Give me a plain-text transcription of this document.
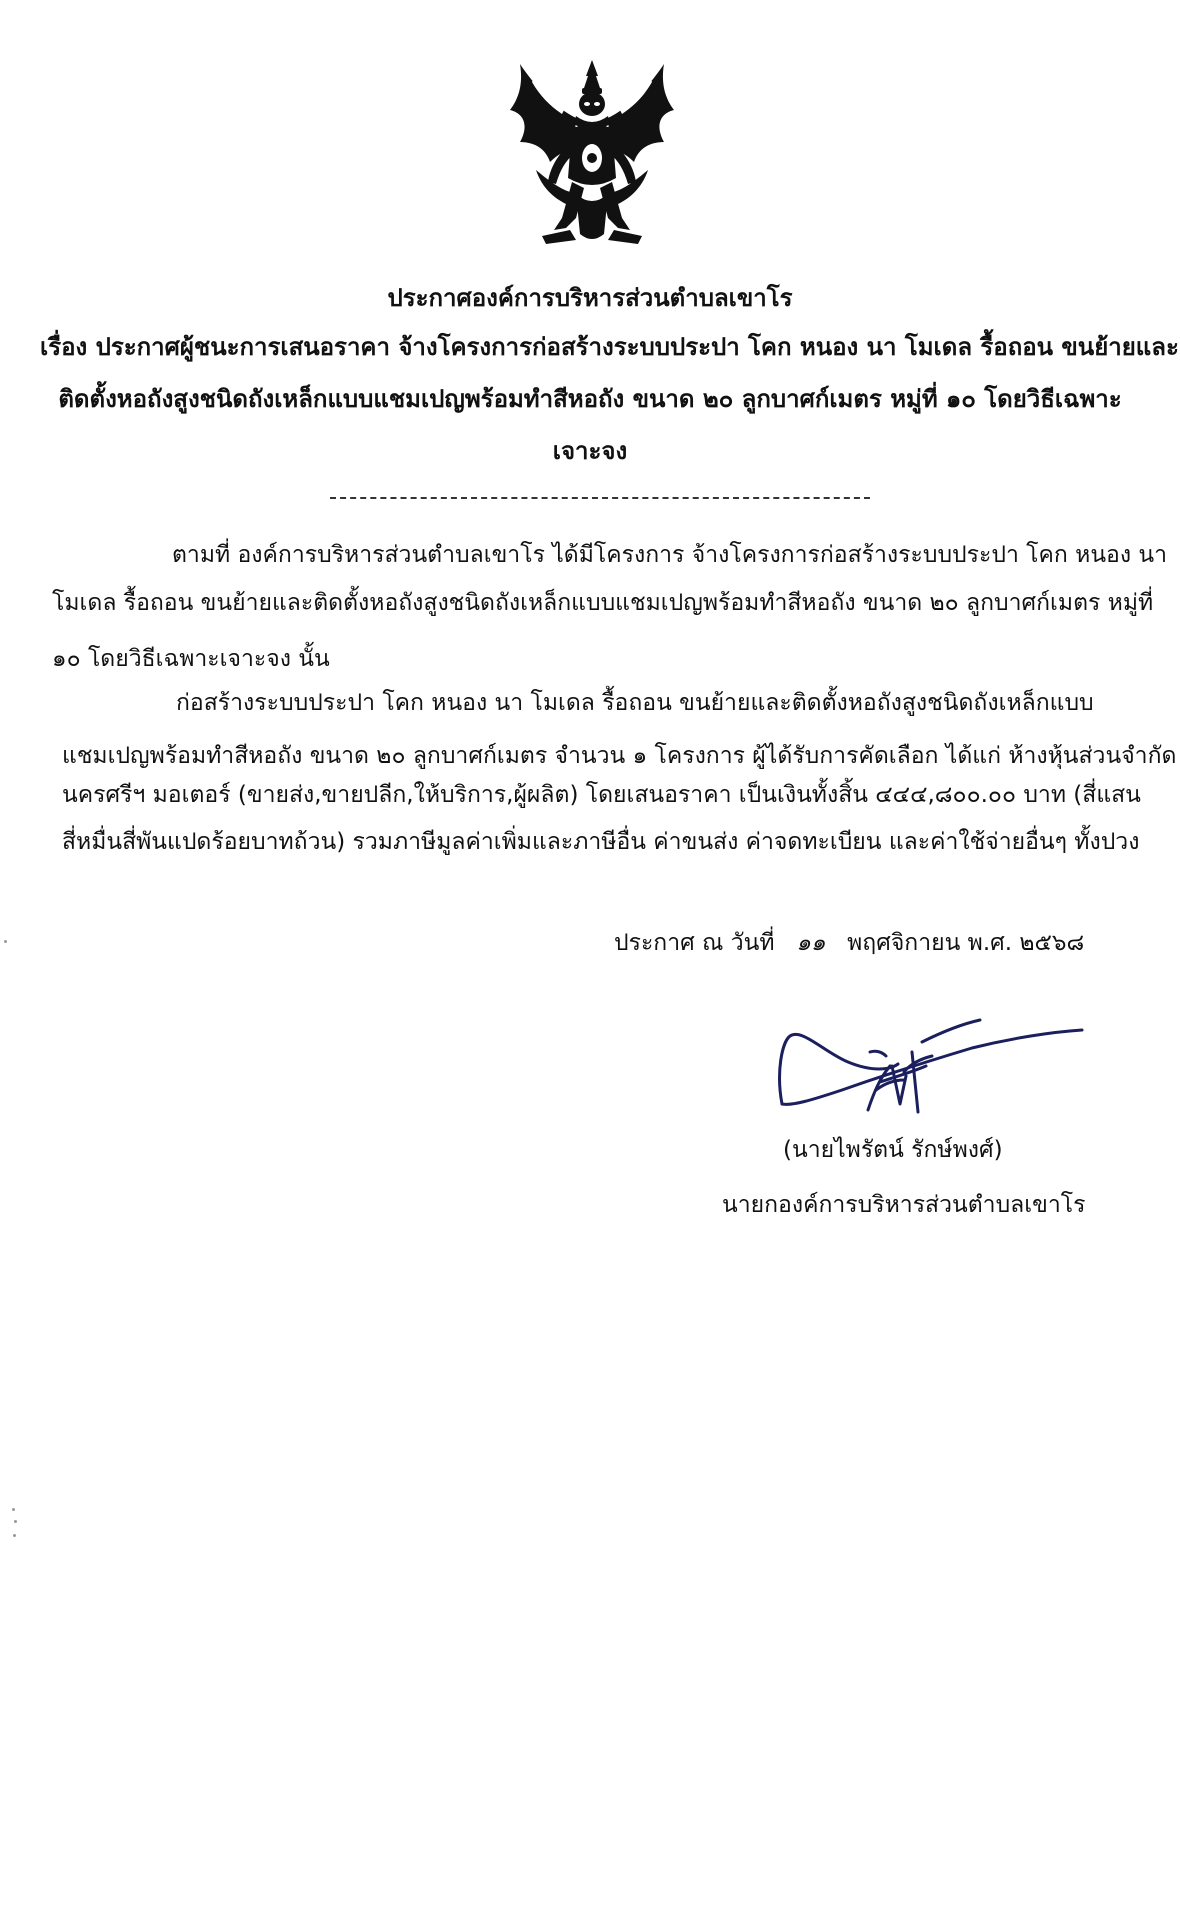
ประกาศองค์การบริหารส่วนตำบลเขาโร
เรื่อง ประกาศผู้ชนะการเสนอราคา จ้างโครงการก่อสร้างระบบประปา โคก หนอง นา โมเดล รื้อถอน ขนย้ายและ
ติดตั้งหอถังสูงชนิดถังเหล็กแบบแชมเปญพร้อมทำสีหอถัง ขนาด ๒๐ ลูกบาศก์เมตร หมู่ที่ ๑๐ โดยวิธีเฉพาะ
เจาะจง
ตามที่ องค์การบริหารส่วนตำบลเขาโร ได้มีโครงการ จ้างโครงการก่อสร้างระบบประปา โคก หนอง นา
โมเดล รื้อถอน ขนย้ายและติดตั้งหอถังสูงชนิดถังเหล็กแบบแชมเปญพร้อมทำสีหอถัง ขนาด ๒๐ ลูกบาศก์เมตร หมู่ที่
๑๐ โดยวิธีเฉพาะเจาะจง นั้น
ก่อสร้างระบบประปา โคก หนอง นา โมเดล รื้อถอน ขนย้ายและติดตั้งหอถังสูงชนิดถังเหล็กแบบ
แชมเปญพร้อมทำสีหอถัง ขนาด ๒๐ ลูกบาศก์เมตร จำนวน ๑ โครงการ ผู้ได้รับการคัดเลือก ได้แก่ ห้างหุ้นส่วนจำกัด
นครศรีฯ มอเตอร์ (ขายส่ง,ขายปลีก,ให้บริการ,ผู้ผลิต) โดยเสนอราคา เป็นเงินทั้งสิ้น ๔๔๔,๘๐๐.๐๐ บาท (สี่แสน
สี่หมื่นสี่พันแปดร้อยบาทถ้วน) รวมภาษีมูลค่าเพิ่มและภาษีอื่น ค่าขนส่ง ค่าจดทะเบียน และค่าใช้จ่ายอื่นๆ ทั้งปวง
ประกาศ ณ วันที่ ๑๑ พฤศจิกายน พ.ศ. ๒๕๖๘
(นายไพรัตน์ รักษ์พงศ์)
นายกองค์การบริหารส่วนตำบลเขาโร
